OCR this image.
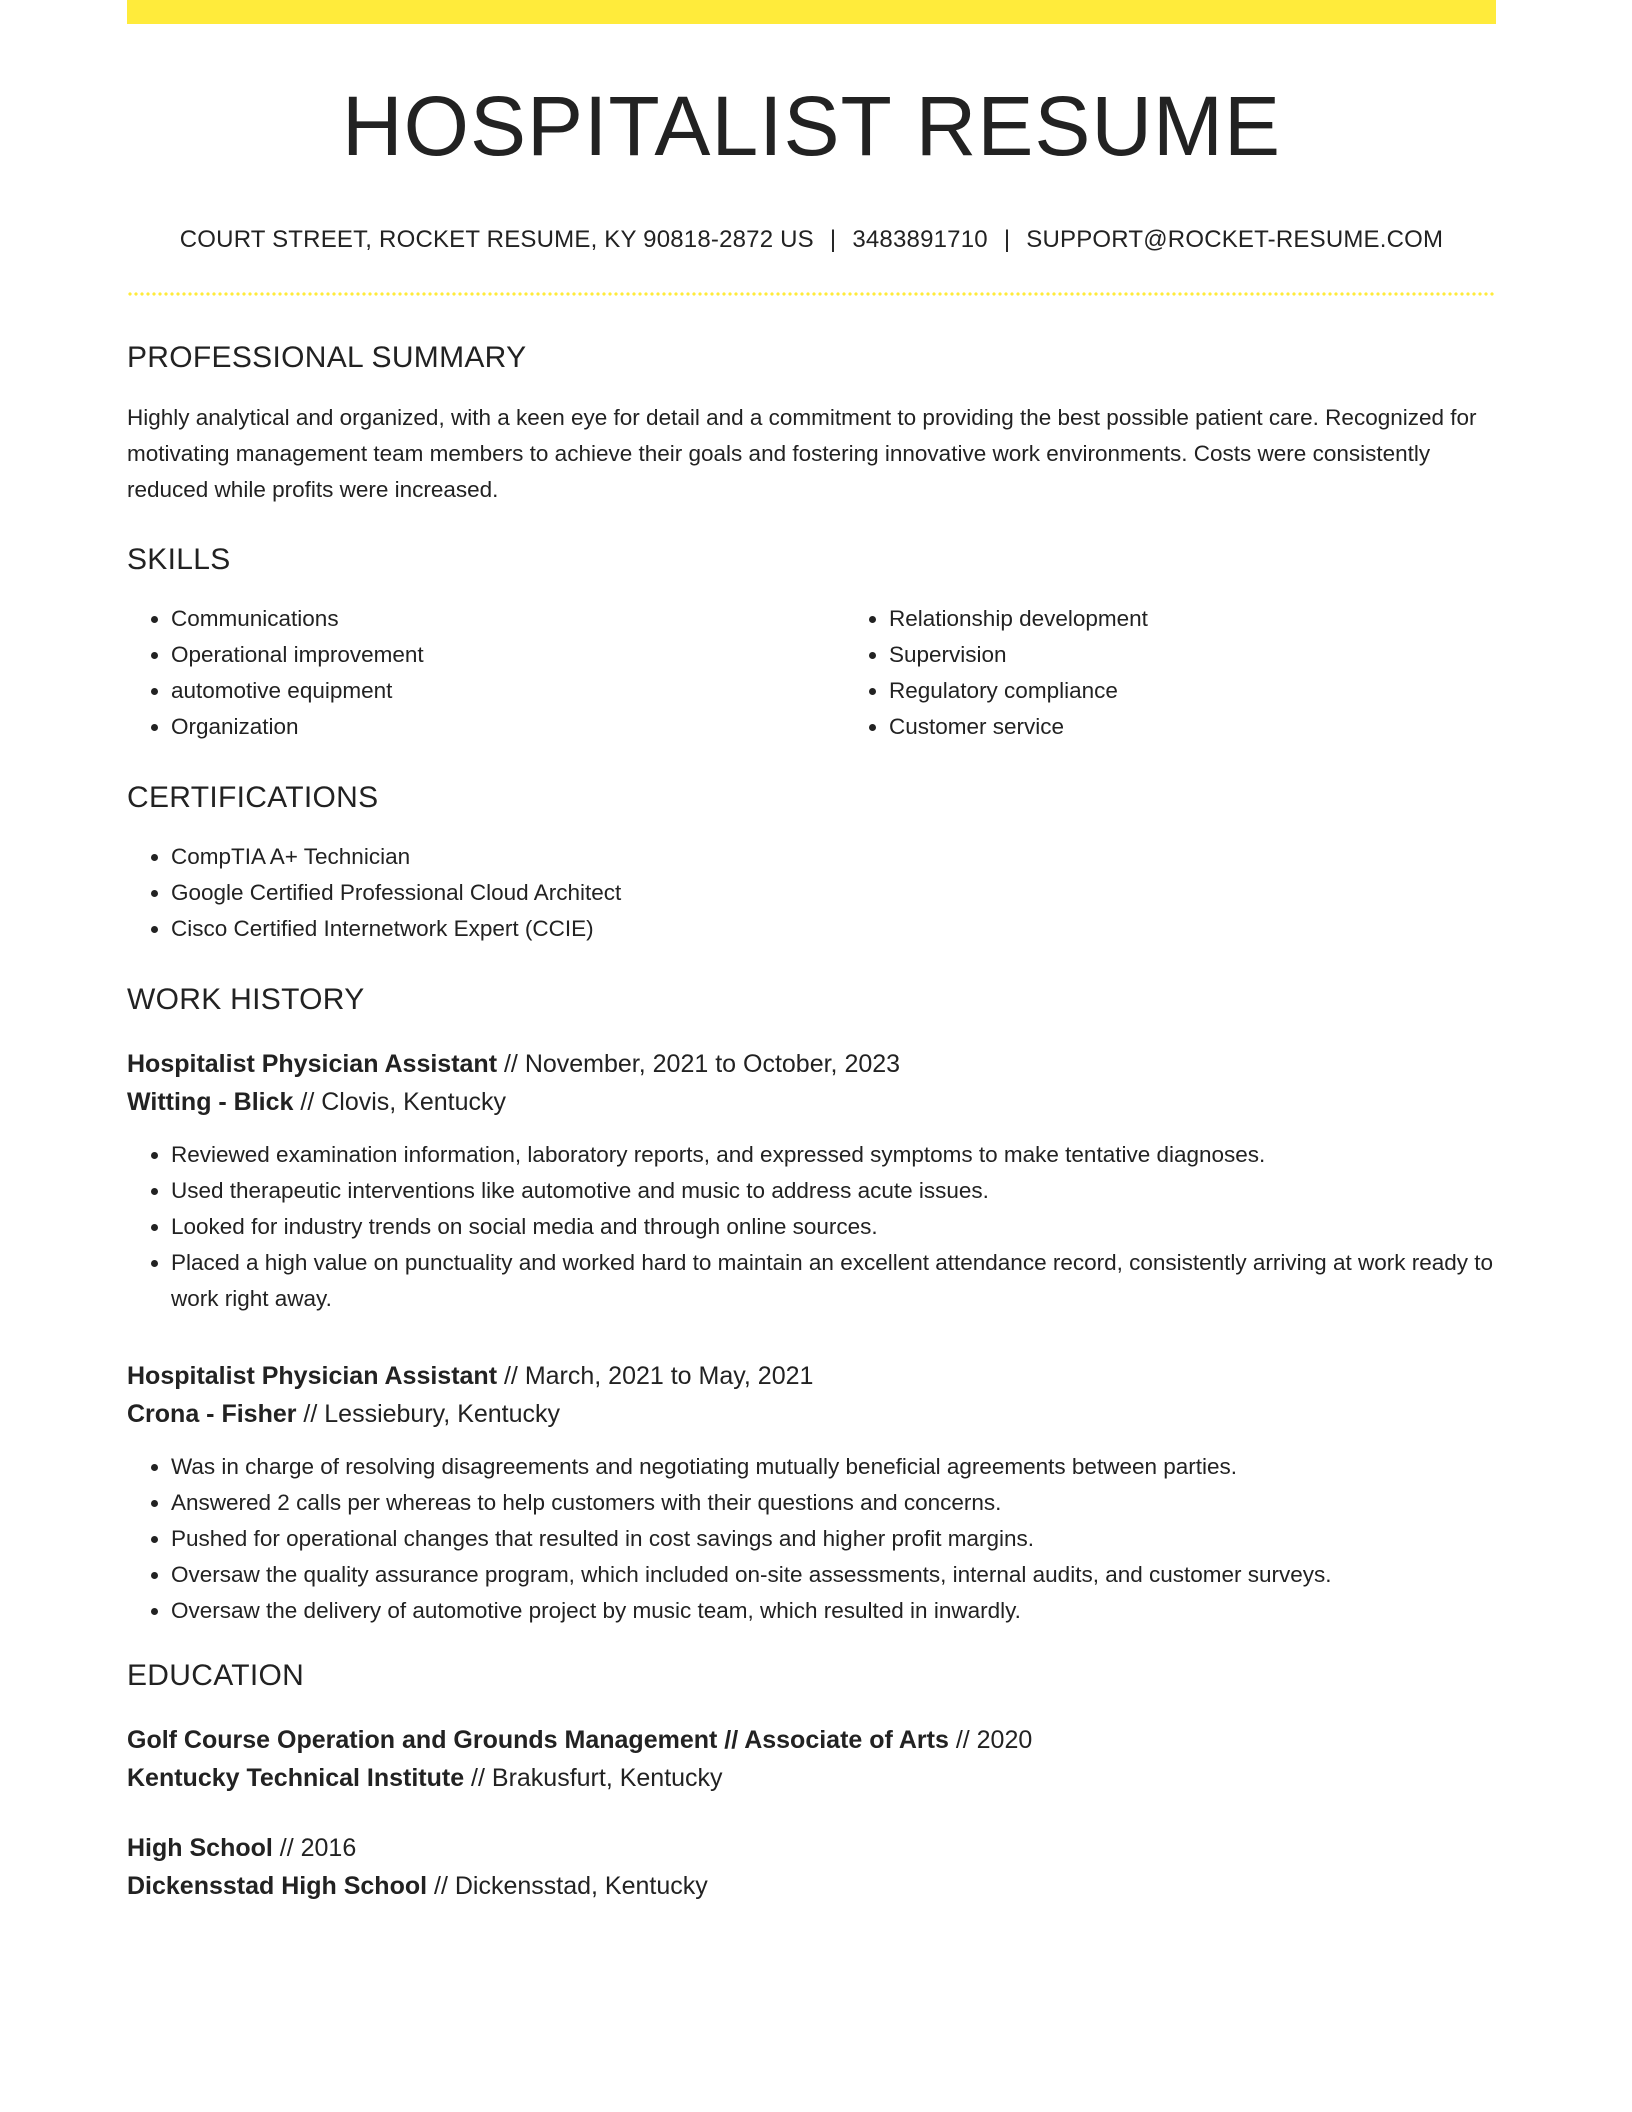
HOSPITALIST RESUME
COURT STREET, ROCKET RESUME, KY 90818-2872 US | 3483891710 | SUPPORT@ROCKET-RESUME.COM
PROFESSIONAL SUMMARY
Highly analytical and organized, with a keen eye for detail and a commitment to providing the best possible patient care. Recognized for motivating management team members to achieve their goals and fostering innovative work environments. Costs were consistently reduced while profits were increased.
SKILLS
• Communications
• Operational improvement
• automotive equipment
• Organization
• Relationship development
• Supervision
• Regulatory compliance
• Customer service
CERTIFICATIONS
• CompTIA A+ Technician
• Google Certified Professional Cloud Architect
• Cisco Certified Internetwork Expert (CCIE)
WORK HISTORY
Hospitalist Physician Assistant // November, 2021 to October, 2023
Witting - Blick // Clovis, Kentucky
• Reviewed examination information, laboratory reports, and expressed symptoms to make tentative diagnoses.
• Used therapeutic interventions like automotive and music to address acute issues.
• Looked for industry trends on social media and through online sources.
• Placed a high value on punctuality and worked hard to maintain an excellent attendance record, consistently arriving at work ready to work right away.
Hospitalist Physician Assistant // March, 2021 to May, 2021
Crona - Fisher // Lessiebury, Kentucky
• Was in charge of resolving disagreements and negotiating mutually beneficial agreements between parties.
• Answered 2 calls per whereas to help customers with their questions and concerns.
• Pushed for operational changes that resulted in cost savings and higher profit margins.
• Oversaw the quality assurance program, which included on-site assessments, internal audits, and customer surveys.
• Oversaw the delivery of automotive project by music team, which resulted in inwardly.
EDUCATION
Golf Course Operation and Grounds Management // Associate of Arts // 2020
Kentucky Technical Institute // Brakusfurt, Kentucky
High School // 2016
Dickensstad High School // Dickensstad, Kentucky
